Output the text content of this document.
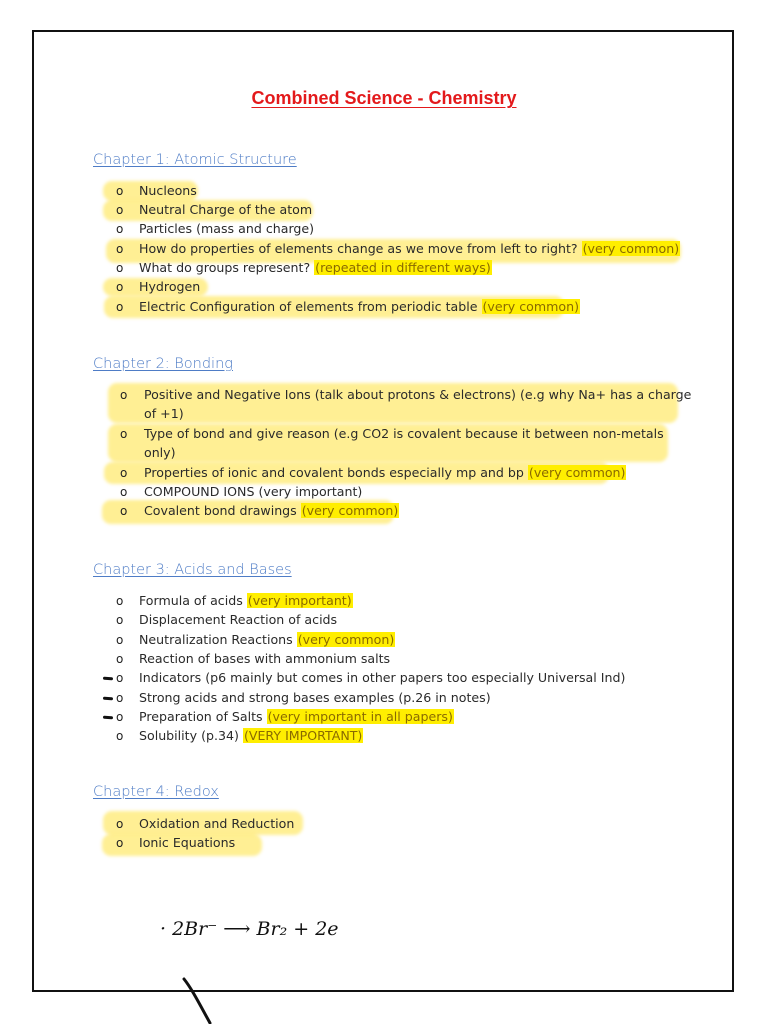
Combined Science - Chemistry
Chapter 1: Atomic Structure
o Nucleons
o Neutral Charge of the atom
o Particles (mass and charge)
o How do properties of elements change as we move from left to right? (very common)
o What do groups represent? (repeated in different ways)
o Hydrogen
o Electric Configuration of elements from periodic table (very common)
Chapter 2: Bonding
o Positive and Negative Ions (talk about protons & electrons) (e.g why Na+ has a charge
of +1)
o Type of bond and give reason (e.g CO2 is covalent because it between non-metals
only)
o Properties of ionic and covalent bonds especially mp and bp (very common)
o COMPOUND IONS (very important)
o Covalent bond drawings (very common)
Chapter 3: Acids and Bases
o Formula of acids (very important)
o Displacement Reaction of acids
o Neutralization Reactions (very common)
o Reaction of bases with ammonium salts
o Indicators (p6 mainly but comes in other papers too especially Universal Ind)
o Strong acids and strong bases examples (p.26 in notes)
o Preparation of Salts (very important in all papers)
o Solubility (p.34) (VERY IMPORTANT)
Chapter 4: Redox
o Oxidation and Reduction
o Ionic Equations
· 2Br⁻ ⟶ Br₂ + 2e
